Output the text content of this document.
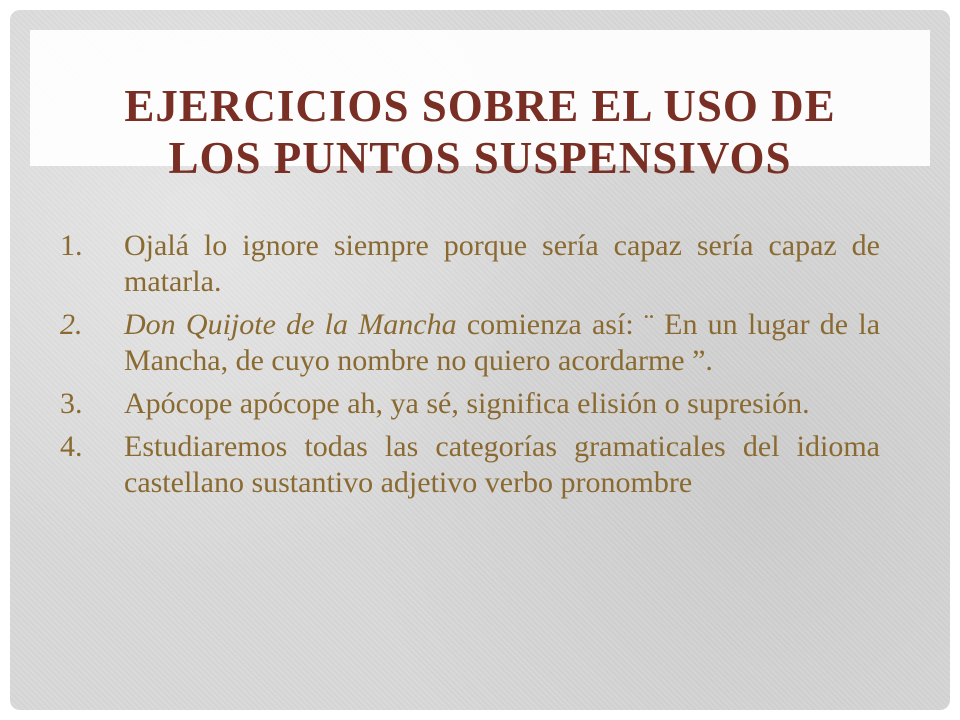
EJERCICIOS SOBRE EL USO DE
LOS PUNTOS SUSPENSIVOS
1. Ojalá lo ignore siempre porque sería capaz sería capaz de matarla.
2. Don Quijote de la Mancha comienza así: ¨ En un lugar de la Mancha, de cuyo nombre no quiero acordarme ”.
3. Apócope apócope ah, ya sé, significa elisión o supresión.
4. Estudiaremos todas las categorías gramaticales del idioma castellano sustantivo adjetivo verbo pronombre
